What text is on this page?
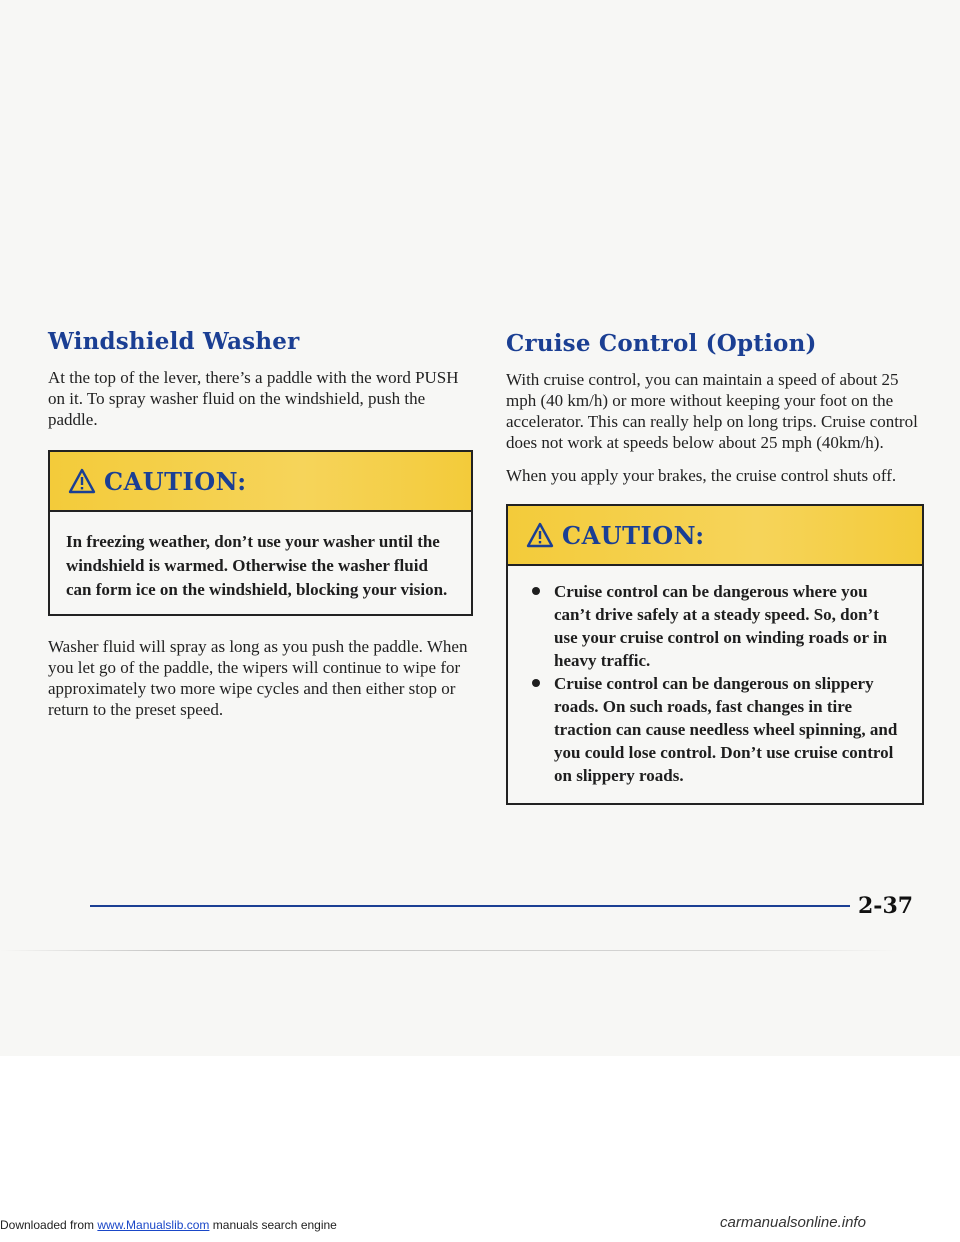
Windshield Washer

At the top of the lever, there’s a paddle with the word PUSH on it. To spray washer fluid on the windshield, push the paddle.

CAUTION:
In freezing weather, don’t use your washer until the windshield is warmed. Otherwise the washer fluid can form ice on the windshield, blocking your vision.

Washer fluid will spray as long as you push the paddle. When you let go of the paddle, the wipers will continue to wipe for approximately two more wipe cycles and then either stop or return to the preset speed.

Cruise Control (Option)

With cruise control, you can maintain a speed of about 25 mph (40 km/h) or more without keeping your foot on the accelerator. This can really help on long trips. Cruise control does not work at speeds below about 25 mph (40km/h).

When you apply your brakes, the cruise control shuts off.

CAUTION:
Cruise control can be dangerous where you can’t drive safely at a steady speed. So, don’t use your cruise control on winding roads or in heavy traffic.
Cruise control can be dangerous on slippery roads. On such roads, fast changes in tire traction can cause needless wheel spinning, and you could lose control. Don’t use cruise control on slippery roads.
2-37
Downloaded from www.Manualslib.com manuals search engine	carmanualsonline.info
